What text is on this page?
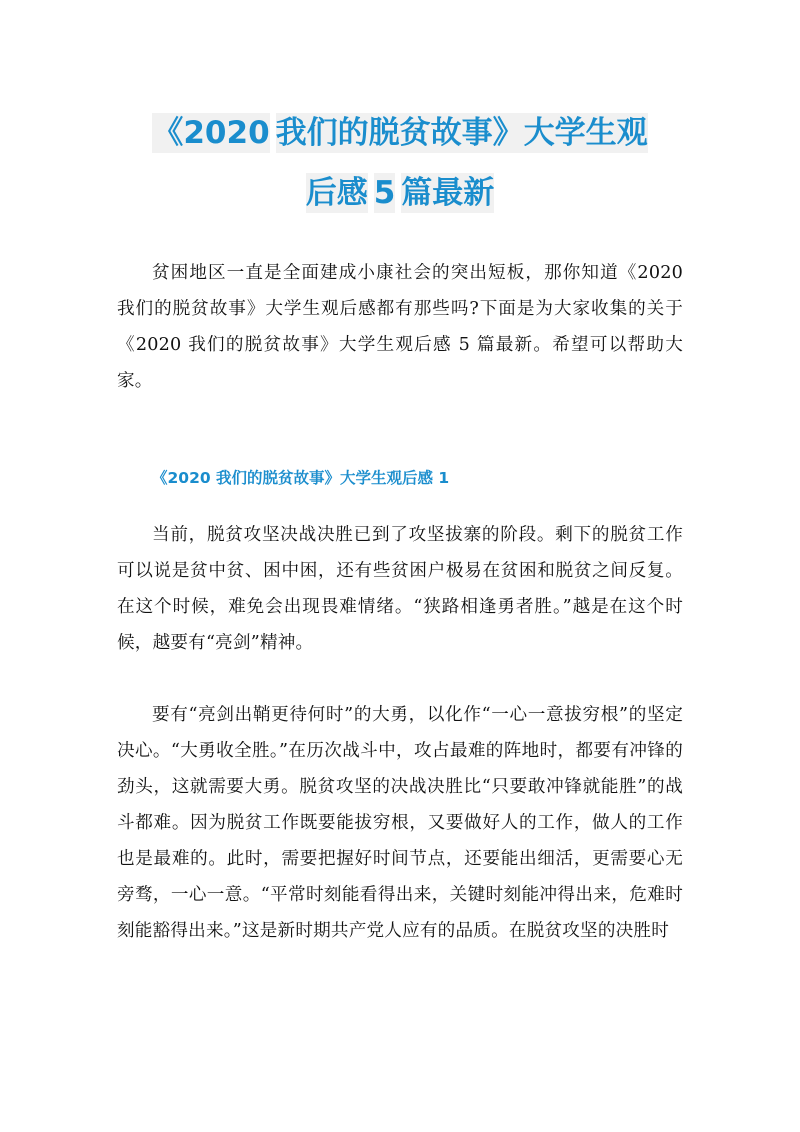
《2020 我们的脱贫故事》大学生观
后感 5 篇最新

贫困地区一直是全面建成小康社会的突出短板，那你知道《2020 我们的脱贫故事》大学生观后感都有那些吗?下面是为大家收集的关于《2020 我们的脱贫故事》大学生观后感 5 篇最新。希望可以帮助大家。

《2020 我们的脱贫故事》大学生观后感 1

当前，脱贫攻坚决战决胜已到了攻坚拔寨的阶段。剩下的脱贫工作可以说是贫中贫、困中困，还有些贫困户极易在贫困和脱贫之间反复。在这个时候，难免会出现畏难情绪。“狭路相逢勇者胜。”越是在这个时候，越要有“亮剑”精神。

要有“亮剑出鞘更待何时”的大勇，以化作“一心一意拔穷根”的坚定决心。“大勇收全胜。”在历次战斗中，攻占最难的阵地时，都要有冲锋的劲头，这就需要大勇。脱贫攻坚的决战决胜比“只要敢冲锋就能胜”的战斗都难。因为脱贫工作既要能拔穷根，又要做好人的工作，做人的工作也是最难的。此时，需要把握好时间节点，还要能出细活，更需要心无旁骛，一心一意。“平常时刻能看得出来，关键时刻能冲得出来，危难时刻能豁得出来。”这是新时期共产党人应有的品质。在脱贫攻坚的决胜时
